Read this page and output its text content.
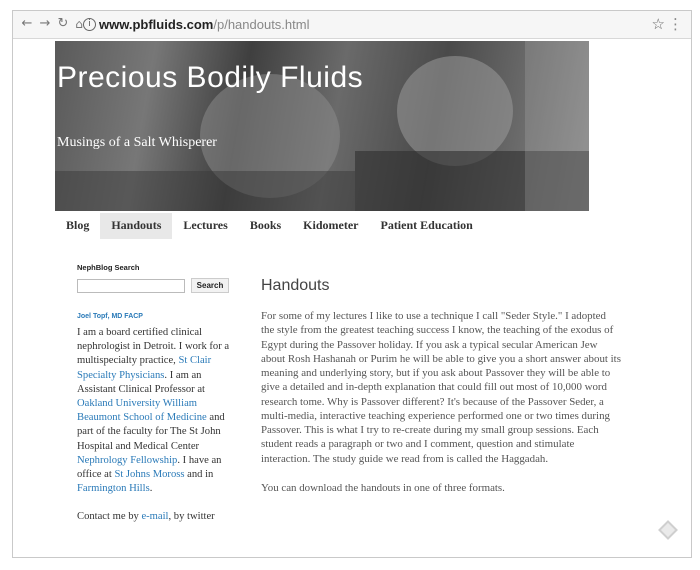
← → ↻ ⌂ i www.pbfluids.com/p/handouts.html	☆ ⋮
Precious Bodily Fluids
Musings of a Salt Whisperer
Blog	Handouts	Lectures	Books	Kidometer	Patient Education
NephBlog Search
Search
Joel Topf, MD FACP
I am a board certified clinical nephrologist in Detroit. I work for a multispecialty practice, St Clair Specialty Physicians. I am an Assistant Clinical Professor at Oakland University William Beaumont School of Medicine and part of the faculty for The St John Hospital and Medical Center Nephrology Fellowship. I have an office at St Johns Moross and in Farmington Hills.
Contact me by e-mail, by twitter
Handouts

For some of my lectures I like to use a technique I call "Seder Style." I adopted the style from the greatest teaching success I know, the teaching of the exodus of Egypt during the Passover holiday. If you ask a typical secular American Jew about Rosh Hashanah or Purim he will be able to give you a short answer about its meaning and underlying story, but if you ask about Passover they will be able to give a detailed and in-depth explanation that could fill out most of 10,000 word research tome. Why is Passover different? It's because of the Passover Seder, a multi-media, interactive teaching experience performed one or two times during Passover. This is what I try to re-create during my small group sessions. Each student reads a paragraph or two and I comment, question and stimulate interaction. The study guide we read from is called the Haggadah.

You can download the handouts in one of three formats.
